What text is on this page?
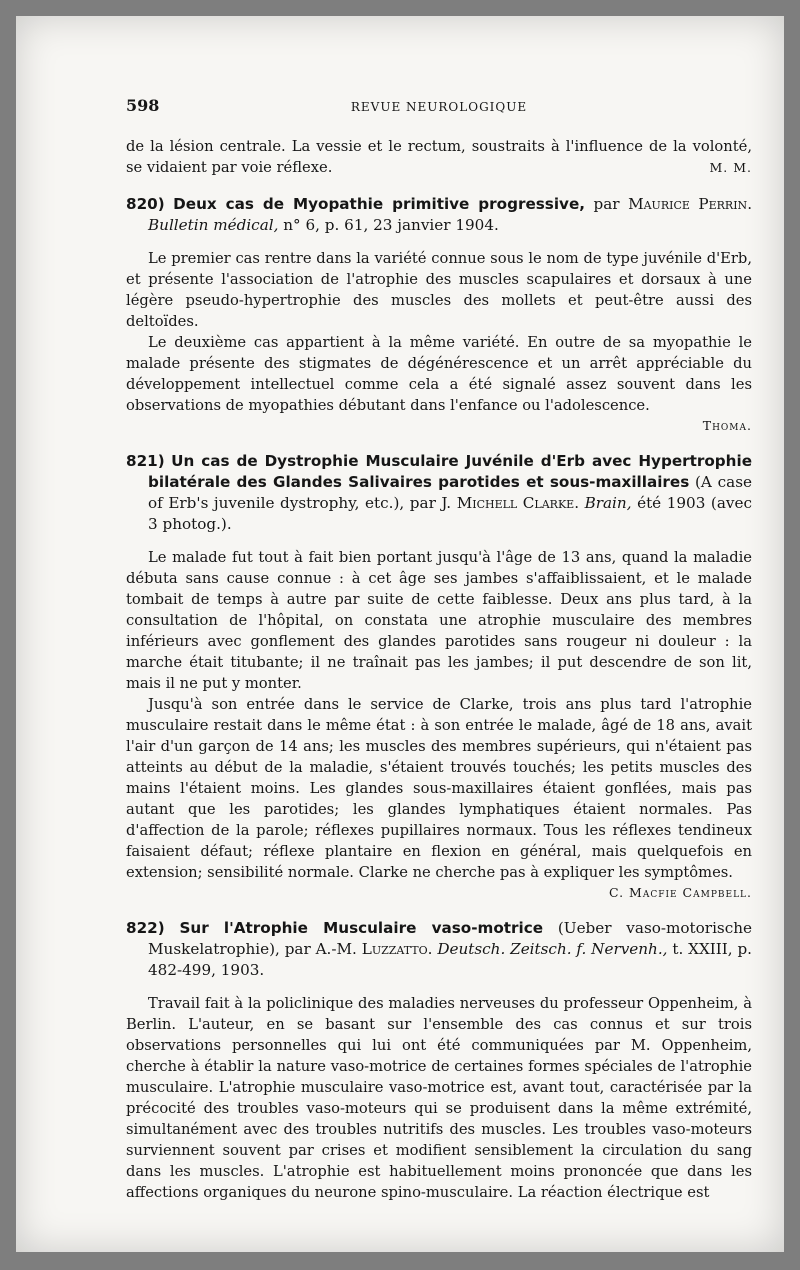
598	REVUE NEUROLOGIQUE

de la lésion centrale. La vessie et le rectum, soustraits à l'influence de la volonté, se vidaient par voie réflexe.	M. M.

820) Deux cas de Myopathie primitive progressive, par Maurice Perrin. Bulletin médical, n° 6, p. 61, 23 janvier 1904.

Le premier cas rentre dans la variété connue sous le nom de type juvénile d'Erb, et présente l'association de l'atrophie des muscles scapulaires et dorsaux à une légère pseudo-hypertrophie des muscles des mollets et peut-être aussi des deltoïdes.

Le deuxième cas appartient à la même variété. En outre de sa myopathie le malade présente des stigmates de dégénérescence et un arrêt appréciable du développement intellectuel comme cela a été signalé assez souvent dans les observations de myopathies débutant dans l'enfance ou l'adolescence.

Thoma.

821) Un cas de Dystrophie Musculaire Juvénile d'Erb avec Hypertrophie bilatérale des Glandes Salivaires parotides et sous-maxillaires (A case of Erb's juvenile dystrophy, etc.), par J. Michell Clarke. Brain, été 1903 (avec 3 photog.).

Le malade fut tout à fait bien portant jusqu'à l'âge de 13 ans, quand la maladie débuta sans cause connue : à cet âge ses jambes s'affaiblissaient, et le malade tombait de temps à autre par suite de cette faiblesse. Deux ans plus tard, à la consultation de l'hôpital, on constata une atrophie musculaire des membres inférieurs avec gonflement des glandes parotides sans rougeur ni douleur : la marche était titubante; il ne traînait pas les jambes; il put descendre de son lit, mais il ne put y monter.

Jusqu'à son entrée dans le service de Clarke, trois ans plus tard l'atrophie musculaire restait dans le même état : à son entrée le malade, âgé de 18 ans, avait l'air d'un garçon de 14 ans; les muscles des membres supérieurs, qui n'étaient pas atteints au début de la maladie, s'étaient trouvés touchés; les petits muscles des mains l'étaient moins. Les glandes sous-maxillaires étaient gonflées, mais pas autant que les parotides; les glandes lymphatiques étaient normales. Pas d'affection de la parole; réflexes pupillaires normaux. Tous les réflexes tendineux faisaient défaut; réflexe plantaire en flexion en général, mais quelquefois en extension; sensibilité normale. Clarke ne cherche pas à expliquer les symptômes.

C. Macfie Campbell.

822) Sur l'Atrophie Musculaire vaso-motrice (Ueber vaso-motorische Muskelatrophie), par A.-M. Luzzatto. Deutsch. Zeitsch. f. Nervenh., t. XXIII, p. 482-499, 1903.

Travail fait à la policlinique des maladies nerveuses du professeur Oppenheim, à Berlin. L'auteur, en se basant sur l'ensemble des cas connus et sur trois observations personnelles qui lui ont été communiquées par M. Oppenheim, cherche à établir la nature vaso-motrice de certaines formes spéciales de l'atrophie musculaire. L'atrophie musculaire vaso-motrice est, avant tout, caractérisée par la précocité des troubles vaso-moteurs qui se produisent dans la même extrémité, simultanément avec des troubles nutritifs des muscles. Les troubles vaso-moteurs surviennent souvent par crises et modifient sensiblement la circulation du sang dans les muscles. L'atrophie est habituellement moins prononcée que dans les affections organiques du neurone spino-musculaire. La réaction électrique est
